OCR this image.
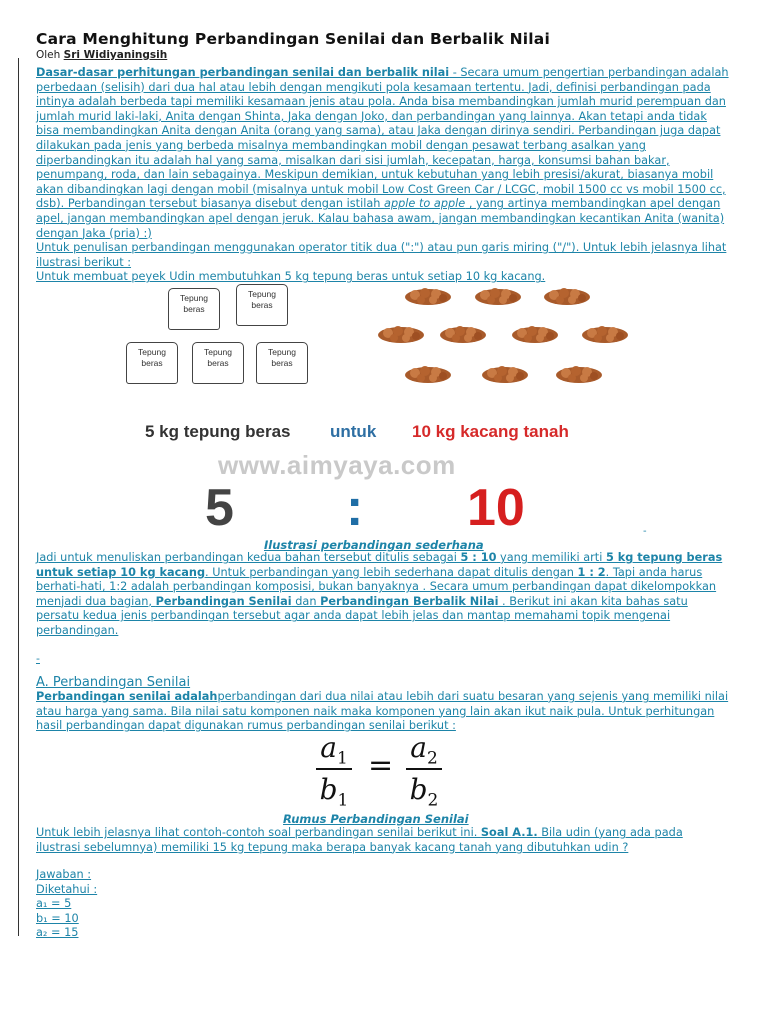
Cara Menghitung Perbandingan Senilai dan Berbalik Nilai
Oleh Sri Widiyaningsih
Dasar-dasar perhitungan perbandingan senilai dan berbalik nilai - Secara umum pengertian perbandingan adalah perbedaan (selisih) dari dua hal atau lebih dengan mengikuti pola kesamaan tertentu. Jadi, definisi perbandingan pada intinya adalah berbeda tapi memiliki kesamaan jenis atau pola. Anda bisa membandingkan jumlah murid perempuan dan jumlah murid laki-laki, Anita dengan Shinta, Jaka dengan Joko, dan perbandingan yang lainnya. Akan tetapi anda tidak bisa membandingkan Anita dengan Anita (orang yang sama), atau Jaka dengan dirinya sendiri. Perbandingan juga dapat dilakukan pada jenis yang berbeda misalnya membandingkan mobil dengan pesawat terbang asalkan yang diperbandingkan itu adalah hal yang sama, misalkan dari sisi jumlah, kecepatan, harga, konsumsi bahan bakar, penumpang, roda, dan lain sebagainya. Meskipun demikian, untuk kebutuhan yang lebih presisi/akurat, biasanya mobil akan dibandingkan lagi dengan mobil (misalnya untuk mobil Low Cost Green Car / LCGC, mobil 1500 cc vs mobil 1500 cc, dsb). Perbandingan tersebut biasanya disebut dengan istilah apple to apple , yang artinya membandingkan apel dengan apel, jangan membandingkan apel dengan jeruk. Kalau bahasa awam, jangan membandingkan kecantikan Anita (wanita) dengan Jaka (pria) :)
Untuk penulisan perbandingan menggunakan operator titik dua (":") atau pun garis miring ("/"). Untuk lebih jelasnya lihat ilustrasi berikut :
Untuk membuat peyek Udin membutuhkan 5 kg tepung beras untuk setiap 10 kg kacang.
Tepung beras
Tepung beras
Tepung beras
Tepung beras
Tepung beras
5 kg tepung beras untuk 10 kg kacang tanah
www.aimyaya.com
5 : 10	-
Ilustrasi perbandingan sederhana
Jadi untuk menuliskan perbandingan kedua bahan tersebut ditulis sebagai 5 : 10 yang memiliki arti 5 kg tepung beras untuk setiap 10 kg kacang. Untuk perbandingan yang lebih sederhana dapat ditulis dengan 1 : 2. Tapi anda harus berhati-hati, 1:2 adalah perbandingan komposisi, bukan banyaknya . Secara umum perbandingan dapat dikelompokkan menjadi dua bagian, Perbandingan Senilai dan Perbandingan Berbalik Nilai . Berikut ini akan kita bahas satu persatu kedua jenis perbandingan tersebut agar anda dapat lebih jelas dan mantap memahami topik mengenai perbandingan.
-
A. Perbandingan Senilai
Perbandingan senilai adalahperbandingan dari dua nilai atau lebih dari suatu besaran yang sejenis yang memiliki nilai atau harga yang sama. Bila nilai satu komponen naik maka komponen yang lain akan ikut naik pula. Untuk perhitungan hasil perbandingan dapat digunakan rumus perbandingan senilai berikut :
$a_1$
$b_1$
=
$a_2$
$b_2$
Rumus Perbandingan Senilai
Untuk lebih jelasnya lihat contoh-contoh soal perbandingan senilai berikut ini. Soal A.1. Bila udin (yang ada pada ilustrasi sebelumnya) memiliki 15 kg tepung maka berapa banyak kacang tanah yang dibutuhkan udin ?
Jawaban :
Diketahui :
a₁ = 5
b₁ = 10
a₂ = 15
